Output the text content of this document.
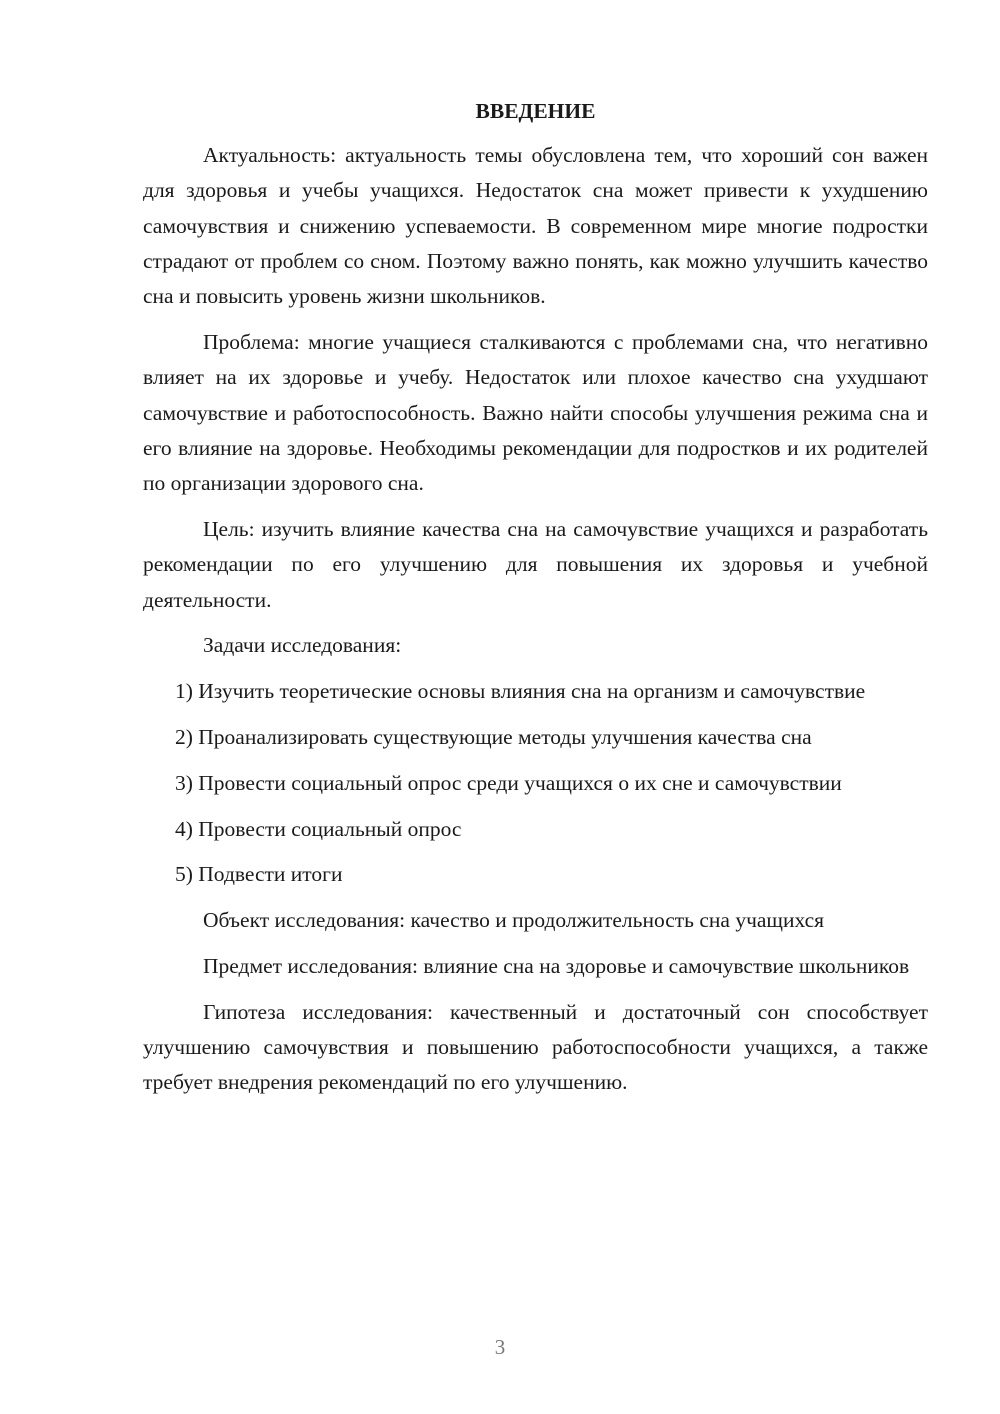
ВВЕДЕНИЕ

Актуальность: актуальность темы обусловлена тем, что хороший сон важен для здоровья и учебы учащихся. Недостаток сна может привести к ухудшению самочувствия и снижению успеваемости. В современном мире многие подростки страдают от проблем со сном. Поэтому важно понять, как можно улучшить качество сна и повысить уровень жизни школьников.

Проблема: многие учащиеся сталкиваются с проблемами сна, что негативно влияет на их здоровье и учебу. Недостаток или плохое качество сна ухудшают самочувствие и работоспособность. Важно найти способы улучшения режима сна и его влияние на здоровье. Необходимы рекомендации для подростков и их родителей по организации здорового сна.

Цель: изучить влияние качества сна на самочувствие учащихся и разработать рекомендации по его улучшению для повышения их здоровья и учебной деятельности.

Задачи исследования:

1) Изучить теоретические основы влияния сна на организм и самочувствие

2) Проанализировать существующие методы улучшения качества сна

3) Провести социальный опрос среди учащихся о их сне и самочувствии

4) Провести социальный опрос

5) Подвести итоги

Объект исследования: качество и продолжительность сна учащихся

Предмет исследования: влияние сна на здоровье и самочувствие школьников

Гипотеза исследования: качественный и достаточный сон способствует улучшению самочувствия и повышению работоспособности учащихся, а также требует внедрения рекомендаций по его улучшению.

3
